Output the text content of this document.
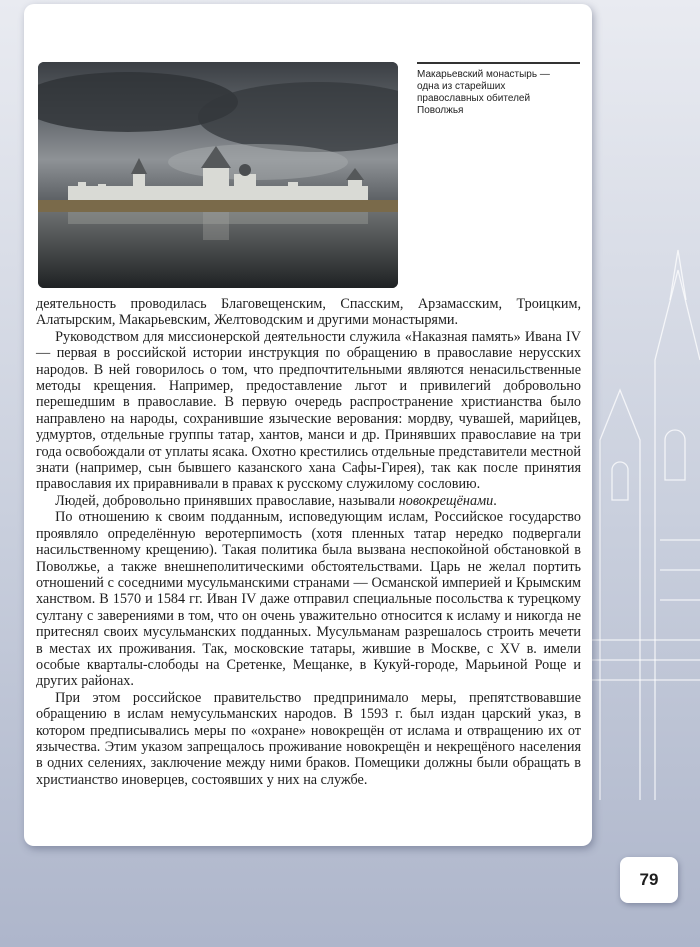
Макарьевский монастырь —
одна из старейших
православных обителей
Поволжья

деятельность проводилась Благовещенским, Спасским, Арзамасским, Троицким, Алатырским, Макарьевским, Желтоводским и другими монастырями.

Руководством для миссионерской деятельности служила «Наказная память» Ивана IV — первая в российской истории инструкция по обращению в православие нерусских народов. В ней говорилось о том, что предпочтительными являются ненасильственные методы крещения. Например, предоставление льгот и привилегий добровольно перешедшим в православие. В первую очередь распространение христианства было направлено на народы, сохранившие языческие верования: мордву, чувашей, марийцев, удмуртов, отдельные группы татар, хантов, манси и др. Принявших православие на три года освобождали от уплаты ясака. Охотно крестились отдельные представители местной знати (например, сын бывшего казанского хана Сафы-Гирея), так как после принятия православия их приравнивали в правах к русскому служилому сословию.

Людей, добровольно принявших православие, называли новокрещёнами.

По отношению к своим подданным, исповедующим ислам, Российское государство проявляло определённую веротерпимость (хотя пленных татар нередко подвергали насильственному крещению). Такая политика была вызвана неспокойной обстановкой в Поволжье, а также внешнеполитическими обстоятельствами. Царь не желал портить отношений с соседними мусульманскими странами — Османской империей и Крымским ханством. В 1570 и 1584 гг. Иван IV даже отправил специальные посольства к турецкому султану с заверениями в том, что он очень уважительно относится к исламу и никогда не притеснял своих мусульманских подданных. Мусульманам разрешалось строить мечети в местах их проживания. Так, московские татары, жившие в Москве, с XV в. имели особые кварталы-слободы на Сретенке, Мещанке, в Кукуй-городе, Марьиной Роще и других районах.

При этом российское правительство предпринимало меры, препятствовавшие обращению в ислам немусульманских народов. В 1593 г. был издан царский указ, в котором предписывались меры по «охране» новокрещён от ислама и отвращению их от язычества. Этим указом запрещалось проживание новокрещён и некрещёного населения в одних селениях, заключение между ними браков. Помещики должны были обращать в христианство иноверцев, состоявших у них на службе.

79
